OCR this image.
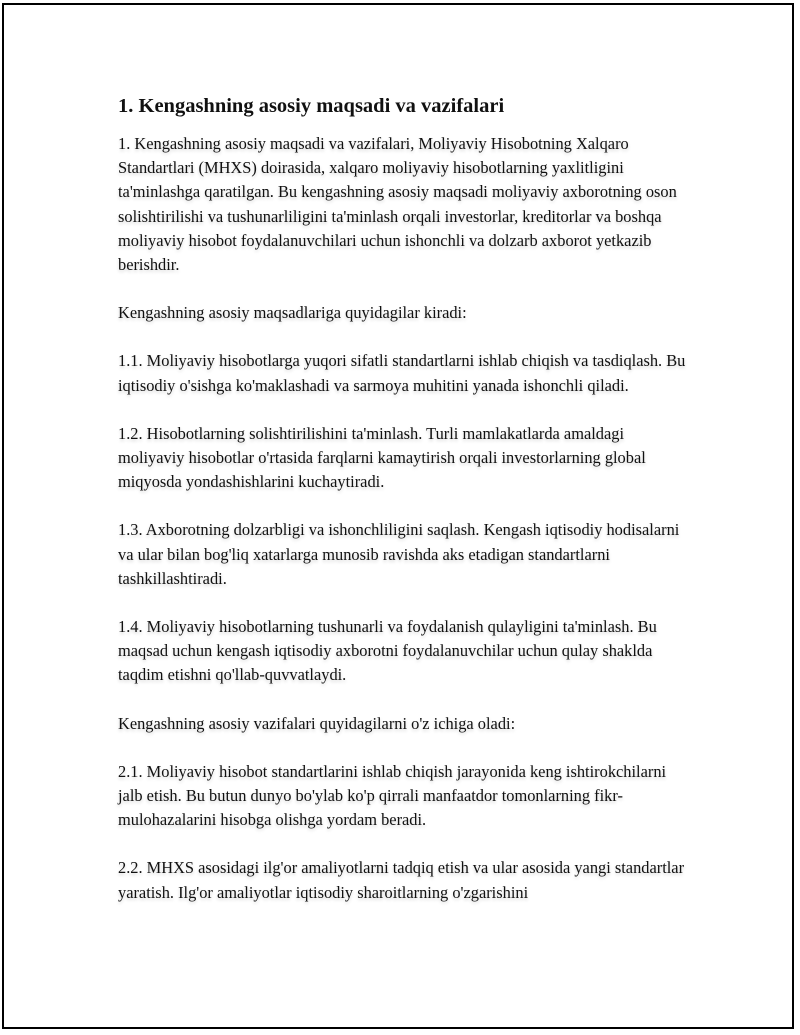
1. Kengashning asosiy maqsadi va vazifalari

1. Kengashning asosiy maqsadi va vazifalari, Moliyaviy Hisobotning Xalqaro Standartlari (MHXS) doirasida, xalqaro moliyaviy hisobotlarning yaxlitligini ta'minlashga qaratilgan. Bu kengashning asosiy maqsadi moliyaviy axborotning oson solishtirilishi va tushunarliligini ta'minlash orqali investorlar, kreditorlar va boshqa moliyaviy hisobot foydalanuvchilari uchun ishonchli va dolzarb axborot yetkazib berishdir.

Kengashning asosiy maqsadlariga quyidagilar kiradi:

1.1. Moliyaviy hisobotlarga yuqori sifatli standartlarni ishlab chiqish va tasdiqlash. Bu iqtisodiy o'sishga ko'maklashadi va sarmoya muhitini yanada ishonchli qiladi.

1.2. Hisobotlarning solishtirilishini ta'minlash. Turli mamlakatlarda amaldagi moliyaviy hisobotlar o'rtasida farqlarni kamaytirish orqali investorlarning global miqyosda yondashishlarini kuchaytiradi.

1.3. Axborotning dolzarbligi va ishonchliligini saqlash. Kengash iqtisodiy hodisalarni va ular bilan bog'liq xatarlarga munosib ravishda aks etadigan standartlarni tashkillashtiradi.

1.4. Moliyaviy hisobotlarning tushunarli va foydalanish qulayligini ta'minlash. Bu maqsad uchun kengash iqtisodiy axborotni foydalanuvchilar uchun qulay shaklda taqdim etishni qo'llab-quvvatlaydi.

Kengashning asosiy vazifalari quyidagilarni o'z ichiga oladi:

2.1. Moliyaviy hisobot standartlarini ishlab chiqish jarayonida keng ishtirokchilarni jalb etish. Bu butun dunyo bo'ylab ko'p qirrali manfaatdor tomonlarning fikr-mulohazalarini hisobga olishga yordam beradi.

2.2. MHXS asosidagi ilg'or amaliyotlarni tadqiq etish va ular asosida yangi standartlar yaratish. Ilg'or amaliyotlar iqtisodiy sharoitlarning o'zgarishini
